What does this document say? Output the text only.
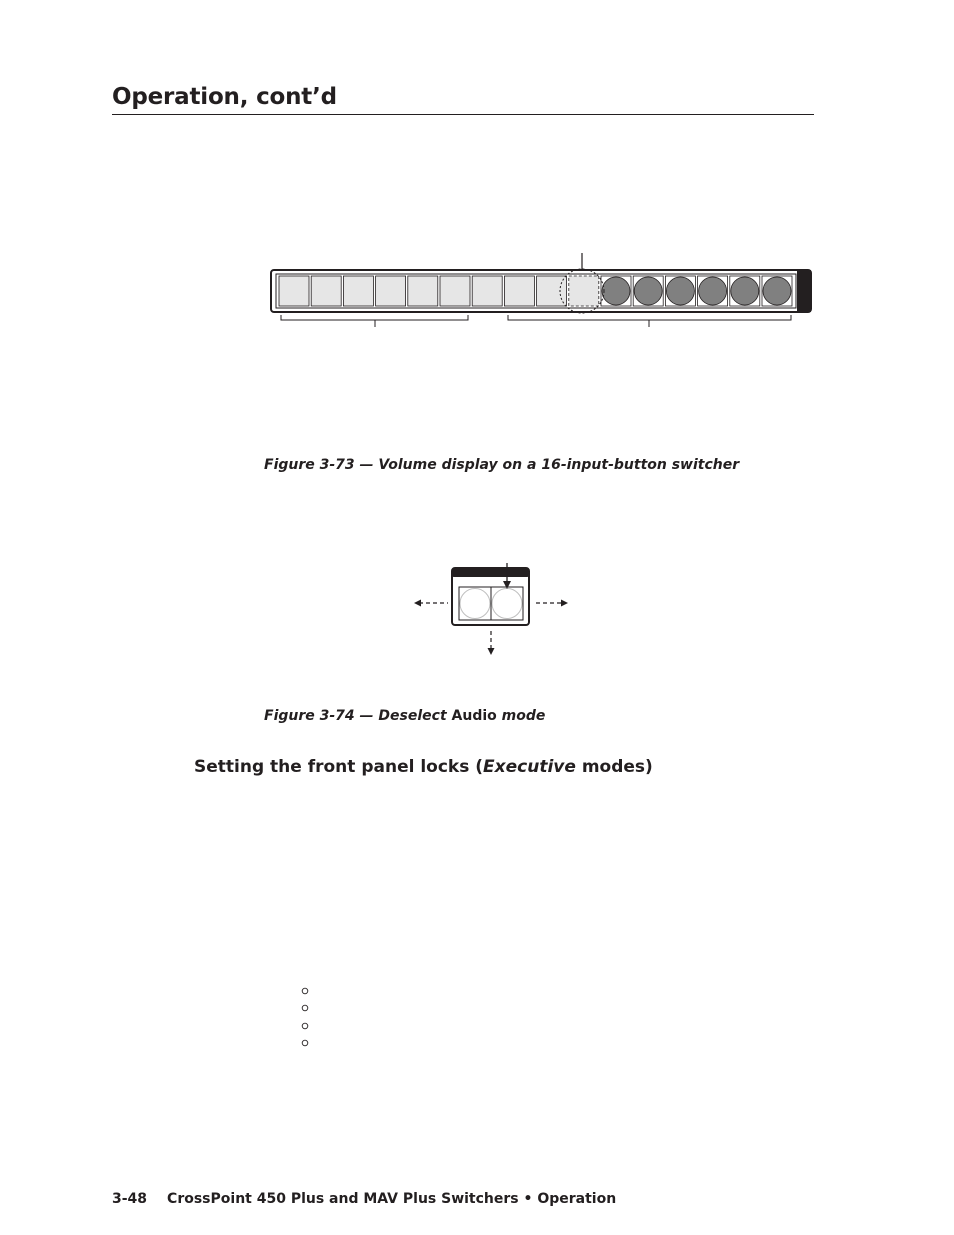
Operation, cont’d
Figure 3-73 — Volume display on a 16-input-button switcher
Figure 3-74 — Deselect Audio mode
Setting the front panel locks (Executive modes)
3-48 CrossPoint 450 Plus and MAV Plus Switchers • Operation
